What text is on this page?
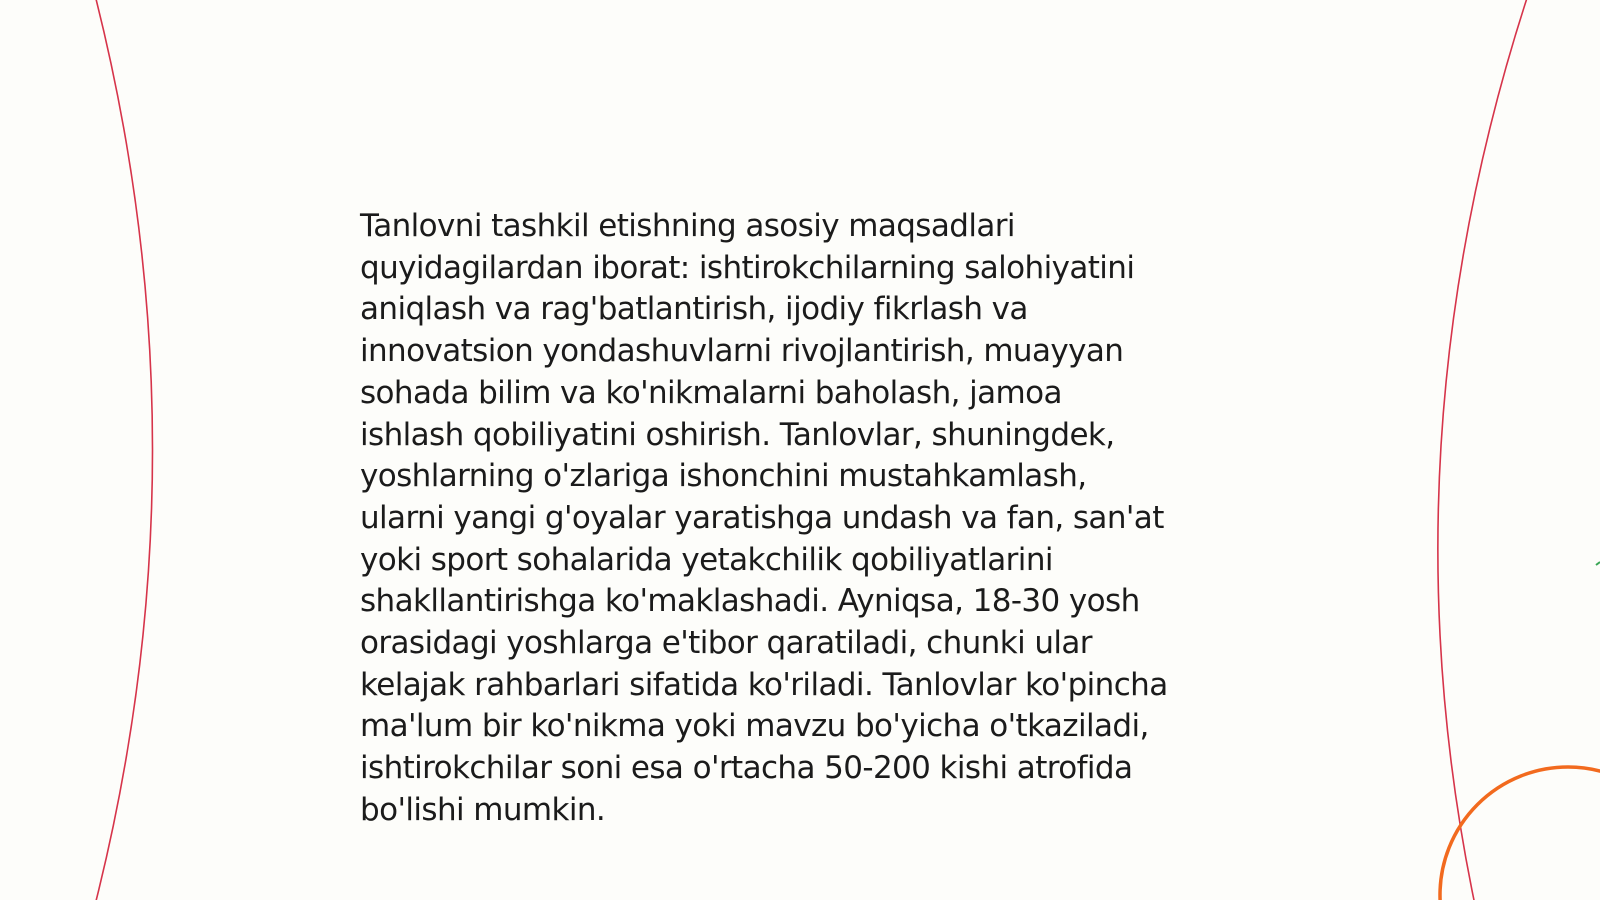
Tanlovni tashkil etishning asosiy maqsadlari
quyidagilardan iborat: ishtirokchilarning salohiyatini
aniqlash va rag'batlantirish, ijodiy fikrlash va
innovatsion yondashuvlarni rivojlantirish, muayyan
sohada bilim va ko'nikmalarni baholash, jamoa
ishlash qobiliyatini oshirish. Tanlovlar, shuningdek,
yoshlarning o'zlariga ishonchini mustahkamlash,
ularni yangi g'oyalar yaratishga undash va fan, san'at
yoki sport sohalarida yetakchilik qobiliyatlarini
shakllantirishga ko'maklashadi. Ayniqsa, 18-30 yosh
orasidagi yoshlarga e'tibor qaratiladi, chunki ular
kelajak rahbarlari sifatida ko'riladi. Tanlovlar ko'pincha
ma'lum bir ko'nikma yoki mavzu bo'yicha o'tkaziladi,
ishtirokchilar soni esa o'rtacha 50-200 kishi atrofida
bo'lishi mumkin.
